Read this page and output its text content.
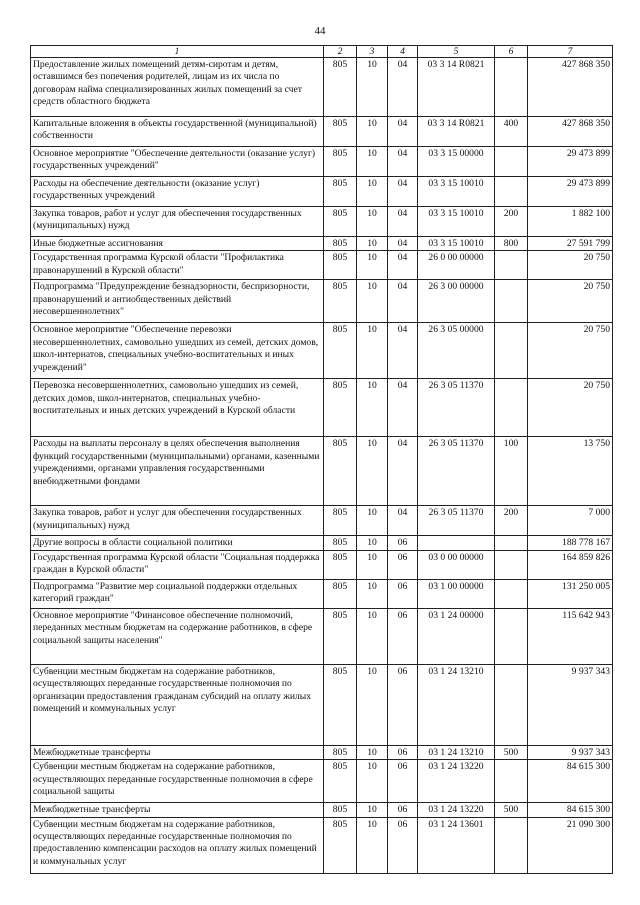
44
1	2	3	4	5	6	7
Предоставление жилых помещений детям-сиротам и детям, оставшимся без попечения родителей, лицам из их числа по договорам найма специализированных жилых помещений за счет средств областного бюджета	805	10	04	03 3 14 R0821		427 868 350
Капитальные вложения в объекты государственной (муниципальной) собственности	805	10	04	03 3 14 R0821	400	427 868 350
Основное мероприятие "Обеспечение деятельности (оказание услуг) государственных учреждений"	805	10	04	03 3 15 00000		29 473 899
Расходы на обеспечение деятельности (оказание услуг) государственных учреждений	805	10	04	03 3 15 10010		29 473 899
Закупка товаров, работ и услуг для обеспечения государственных (муниципальных) нужд	805	10	04	03 3 15 10010	200	1 882 100
Иные бюджетные ассигнования	805	10	04	03 3 15 10010	800	27 591 799
Государственная программа Курской области "Профилактика правонарушений в Курской области"	805	10	04	26 0 00 00000		20 750
Подпрограмма "Предупреждение безнадзорности, беспризорности, правонарушений и антиобщественных действий несовершеннолетних"	805	10	04	26 3 00 00000		20 750
Основное мероприятие "Обеспечение перевозки несовершеннолетних, самовольно ушедших из семей, детских домов, школ-интернатов, специальных учебно-воспитательных и иных учреждений"	805	10	04	26 3 05 00000		20 750
Перевозка несовершеннолетних, самовольно ушедших из семей, детских домов, школ-интернатов, специальных учебно-воспитательных и иных детских учреждений в Курской области	805	10	04	26 3 05 11370		20 750
Расходы на выплаты персоналу в целях обеспечения выполнения функций государственными (муниципальными) органами, казенными учреждениями, органами управления государственными внебюджетными фондами	805	10	04	26 3 05 11370	100	13 750
Закупка товаров, работ и услуг для обеспечения государственных (муниципальных) нужд	805	10	04	26 3 05 11370	200	7 000
Другие вопросы в области социальной политики	805	10	06			188 778 167
Государственная программа Курской области "Социальная поддержка граждан в Курской области"	805	10	06	03 0 00 00000		164 859 826
Подпрограмма "Развитие мер социальной поддержки отдельных категорий граждан"	805	10	06	03 1 00 00000		131 250 005
Основное мероприятие "Финансовое обеспечение полномочий, переданных местным бюджетам на содержание работников, в сфере социальной защиты населения"	805	10	06	03 1 24 00000		115 642 943
Субвенции местным бюджетам на содержание работников, осуществляющих переданные государственные полномочия по организации предоставления гражданам субсидий на оплату жилых помещений и коммунальных услуг	805	10	06	03 1 24 13210		9 937 343
Межбюджетные трансферты	805	10	06	03 1 24 13210	500	9 937 343
Субвенции местным бюджетам на содержание работников, осуществляющих переданные государственные полномочия в сфере социальной защиты	805	10	06	03 1 24 13220		84 615 300
Межбюджетные трансферты	805	10	06	03 1 24 13220	500	84 615 300
Субвенции местным бюджетам на содержание работников, осуществляющих переданные государственные полномочия по предоставлению компенсации расходов на оплату жилых помещений и коммунальных услуг	805	10	06	03 1 24 13601		21 090 300
